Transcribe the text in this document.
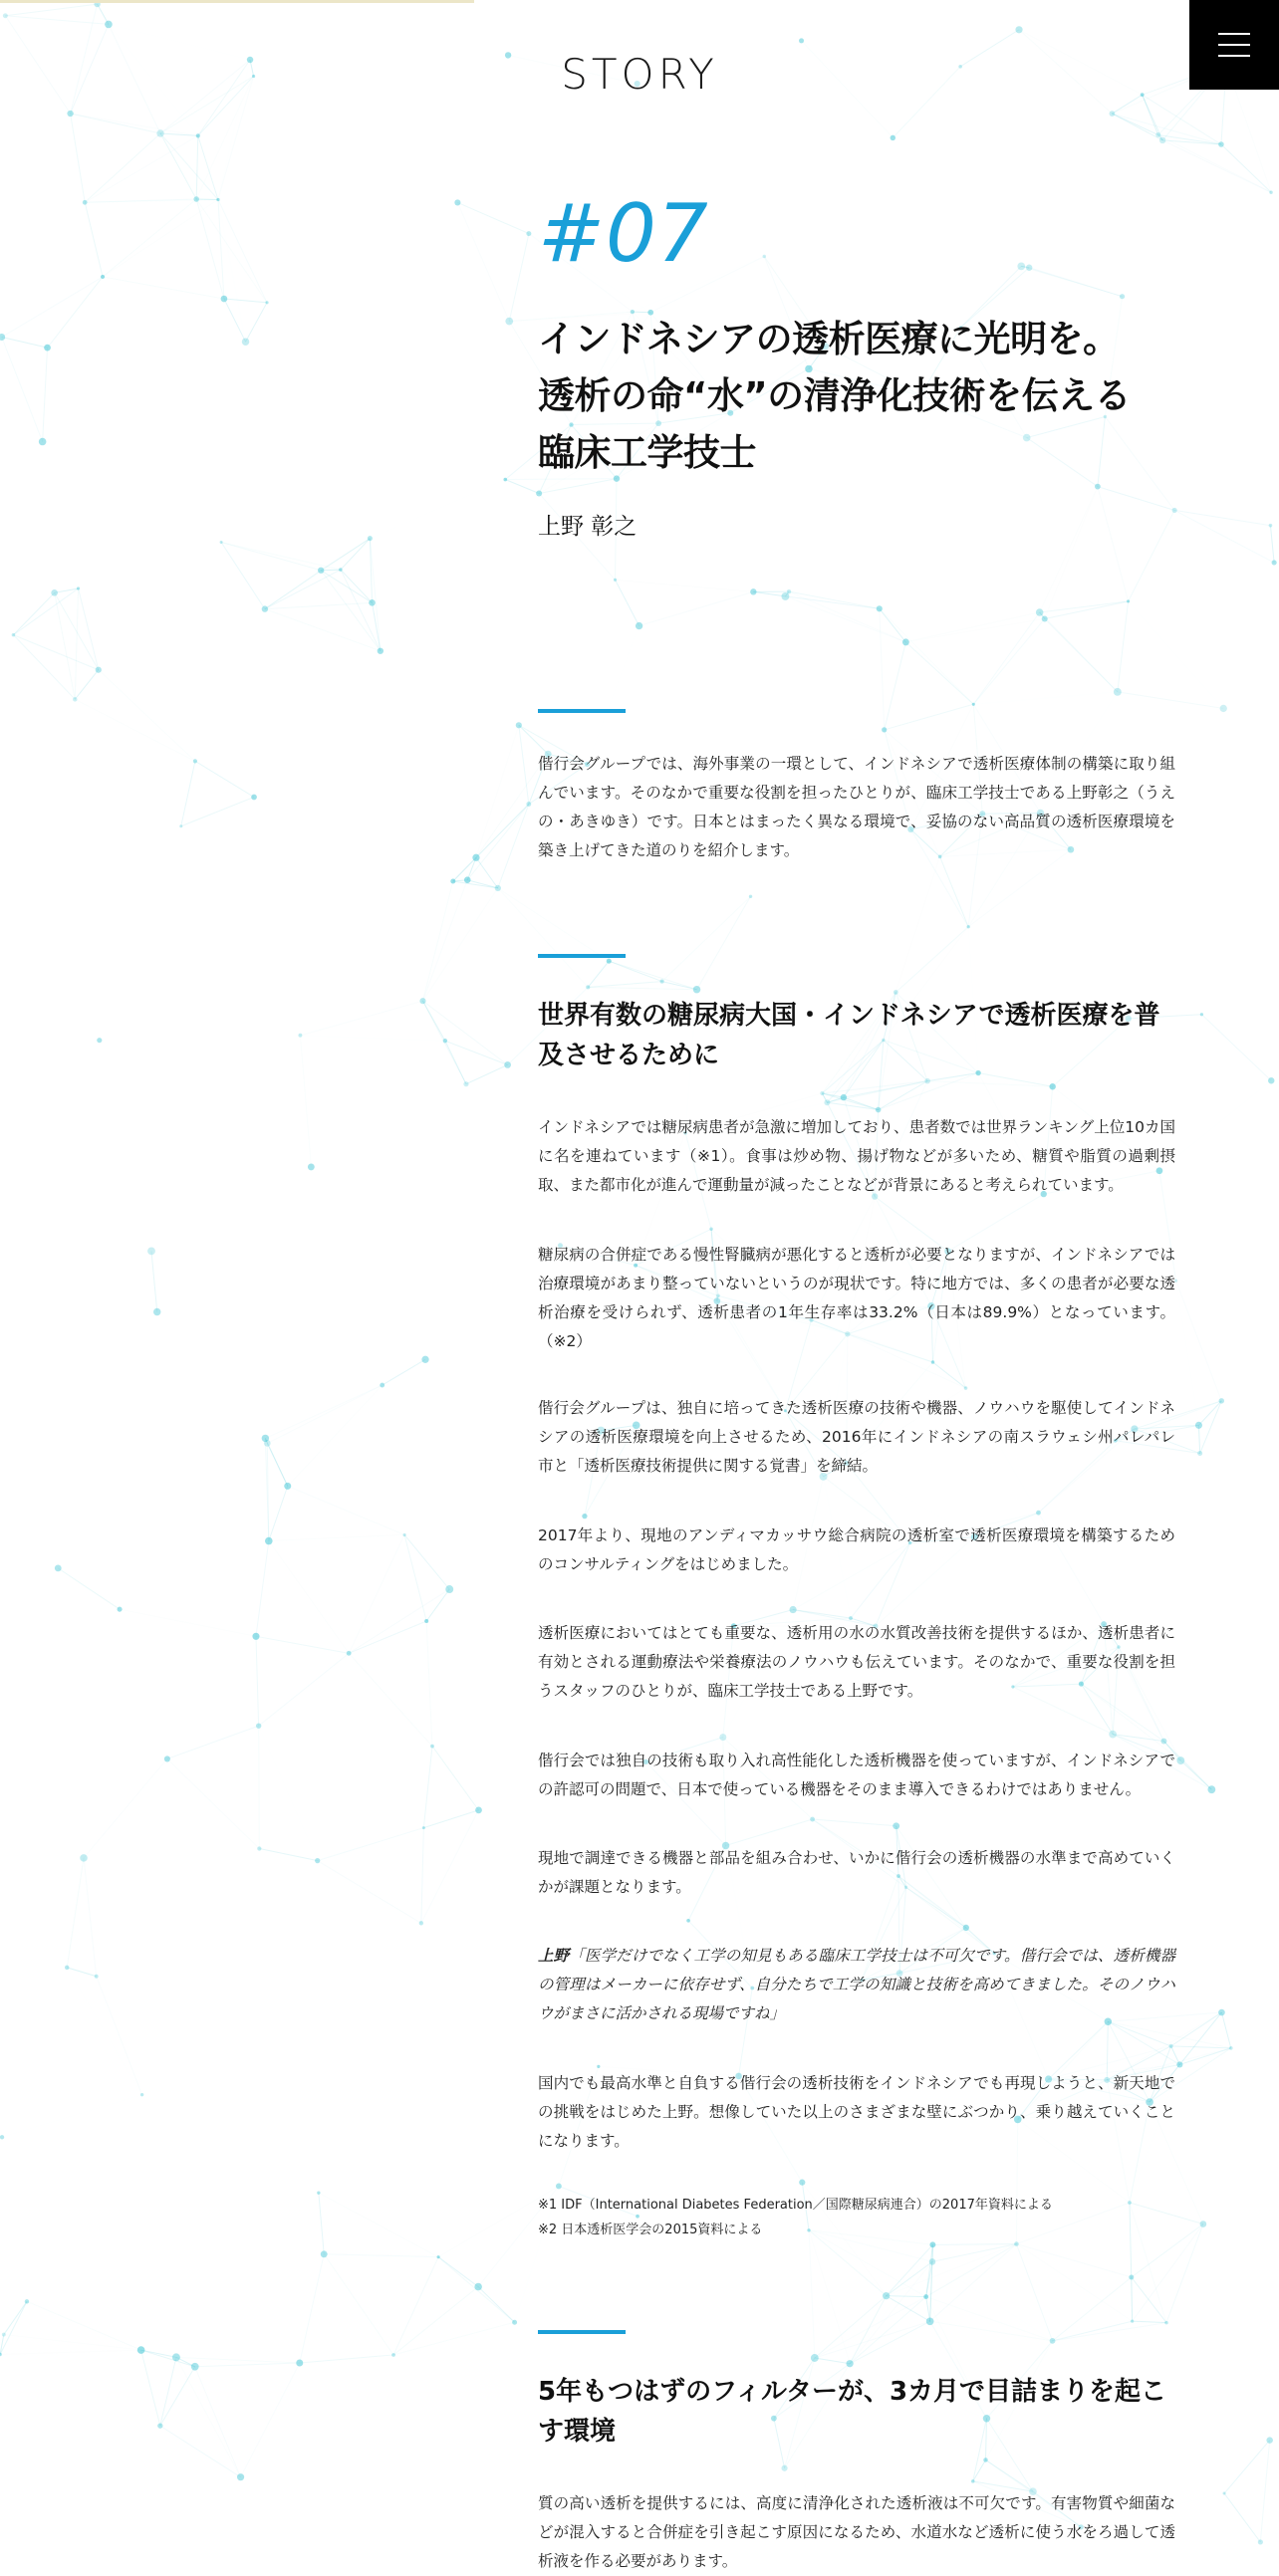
STORY
#07
インドネシアの透析医療に光明を。
透析の命“水”の清浄化技術を伝える
臨床工学技士
上野 彰之

偕行会グループでは、海外事業の一環として、インドネシアで透析医療体制の構築に取り組んでいます。そのなかで重要な役割を担ったひとりが、臨床工学技士である上野彰之（うえの・あきゆき）です。日本とはまったく異なる環境で、妥協のない高品質の透析医療環境を築き上げてきた道のりを紹介します。

世界有数の糖尿病大国・インドネシアで透析医療を普及させるために

インドネシアでは糖尿病患者が急激に増加しており、患者数では世界ランキング上位10カ国に名を連ねています（※1）。食事は炒め物、揚げ物などが多いため、糖質や脂質の過剰摂取、また都市化が進んで運動量が減ったことなどが背景にあると考えられています。

糖尿病の合併症である慢性腎臓病が悪化すると透析が必要となりますが、インドネシアでは治療環境があまり整っていないというのが現状です。特に地方では、多くの患者が必要な透析治療を受けられず、透析患者の1年生存率は33.2%（日本は89.9%）となっています。（※2）

偕行会グループは、独自に培ってきた透析医療の技術や機器、ノウハウを駆使してインドネシアの透析医療環境を向上させるため、2016年にインドネシアの南スラウェシ州パレパレ市と「透析医療技術提供に関する覚書」を締結。

2017年より、現地のアンディマカッサウ総合病院の透析室で透析医療環境を構築するためのコンサルティングをはじめました。

透析医療においてはとても重要な、透析用の水の水質改善技術を提供するほか、透析患者に有効とされる運動療法や栄養療法のノウハウも伝えています。そのなかで、重要な役割を担うスタッフのひとりが、臨床工学技士である上野です。

偕行会では独自の技術も取り入れ高性能化した透析機器を使っていますが、インドネシアでの許認可の問題で、日本で使っている機器をそのまま導入できるわけではありません。

現地で調達できる機器と部品を組み合わせ、いかに偕行会の透析機器の水準まで高めていくかが課題となります。

上野「医学だけでなく工学の知見もある臨床工学技士は不可欠です。偕行会では、透析機器の管理はメーカーに依存せず、自分たちで工学の知識と技術を高めてきました。そのノウハウがまさに活かされる現場ですね」

国内でも最高水準と自負する偕行会の透析技術をインドネシアでも再現しようと、新天地での挑戦をはじめた上野。想像していた以上のさまざまな壁にぶつかり、乗り越えていくことになります。

※1 IDF（International Diabetes Federation／国際糖尿病連合）の2017年資料による
※2 日本透析医学会の2015資料による
5年もつはずのフィルターが、3カ月で目詰まりを起こす環境

質の高い透析を提供するには、高度に清浄化された透析液は不可欠です。有害物質や細菌などが混入すると合併症を引き起こす原因になるため、水道水など透析に使う水をろ過して透析液を作る必要があります。
